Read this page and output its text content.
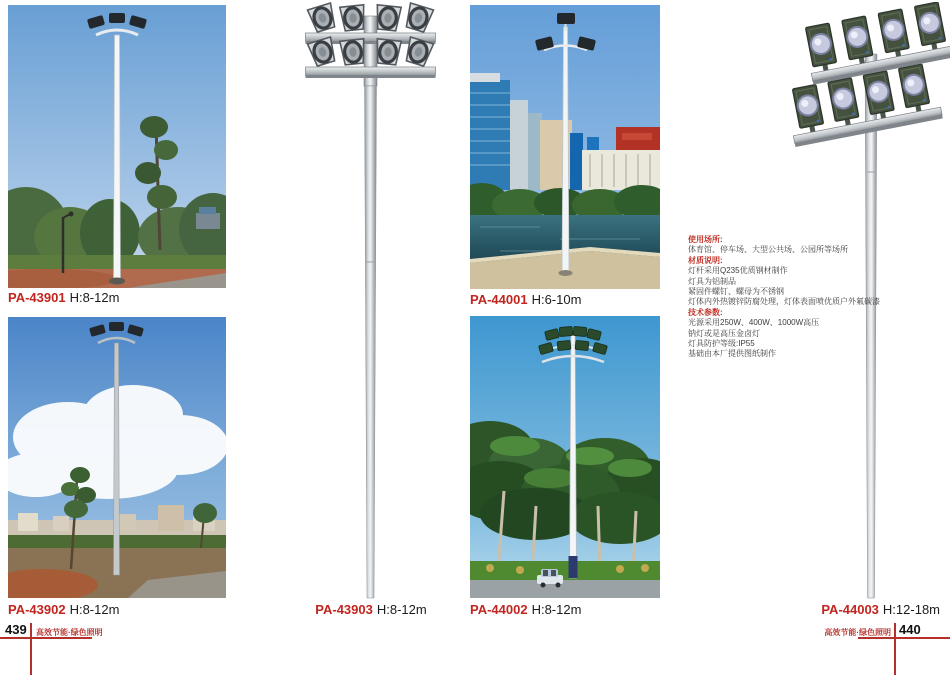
PA-43901 H:8-12m
PA-43902 H:8-12m	PA-43903 H:8-12m
PA-44001 H:6-10m
PA-44002 H:8-12m	PA-44003 H:12-18m
使用场所:
体育馆、停车场、大型公共场、公园所等场所
材质说明:
灯杆采用Q235优质钢材制作
灯具为铝制品
紧固件螺钉、螺母为不锈钢
灯体内外热镀锌防腐处理，灯体表面喷优质户外氟碳漆
技术参数:
光源采用250W、400W、1000W高压
钠灯或是高压金卤灯
灯具防护等级:IP55
基础由本厂提供图纸制作
439 高效节能·绿色照明	440
高效节能·绿色照明
